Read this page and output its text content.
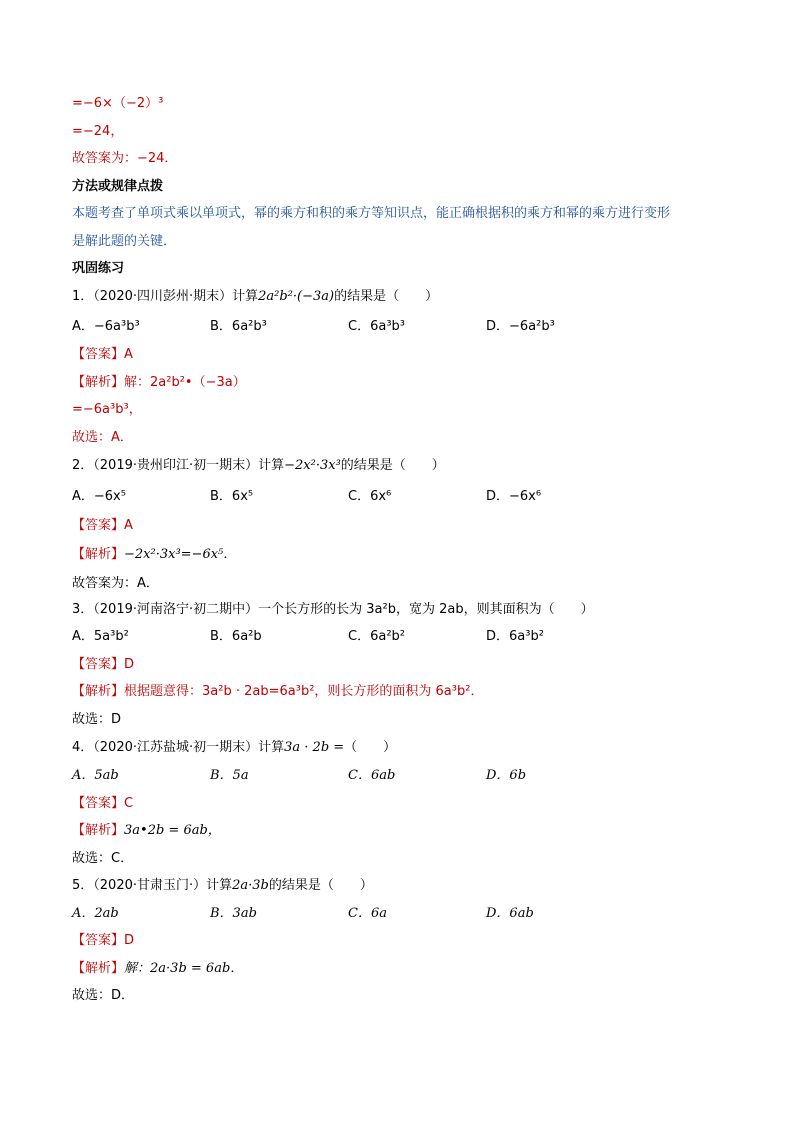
=−6×（−2）³
=−24，
故答案为：−24．
方法或规律点拨
本题考查了单项式乘以单项式，幂的乘方和积的乘方等知识点，能正确根据积的乘方和幂的乘方进行变形
是解此题的关键．
巩固练习
1．（2020·四川彭州·期末）计算2a²b²·(−3a)的结果是（　　）
A．−6a³b³	B．6a²b³	C．6a³b³	D．−6a²b³
【答案】A
【解析】解：2a²b²•（−3a）
=−6a³b³，
故选：A．
2．（2019·贵州印江·初一期末）计算−2x²·3x³的结果是（　　）
A．−6x⁵	B．6x⁵	C．6x⁶	D．−6x⁶
【答案】A
【解析】−2x²·3x³=−6x⁵．
故答案为：A．
3．（2019·河南洛宁·初二期中）一个长方形的长为 3a²b，宽为 2ab，则其面积为（　　）
A．5a³b²	B．6a²b	C．6a²b²	D．6a³b²
【答案】D
【解析】根据题意得：3a²b · 2ab=6a³b²，则长方形的面积为 6a³b²．
故选：D
4．（2020·江苏盐城·初一期末）计算3a · 2b =（　　）
A．5ab	B．5a	C．6ab	D．6b
【答案】C
【解析】3a•2b = 6ab，
故选：C．
5．（2020·甘肃玉门·）计算2a·3b的结果是（　　）
A．2ab	B．3ab	C．6a	D．6ab
【答案】D
【解析】解：2a·3b = 6ab．
故选：D．
